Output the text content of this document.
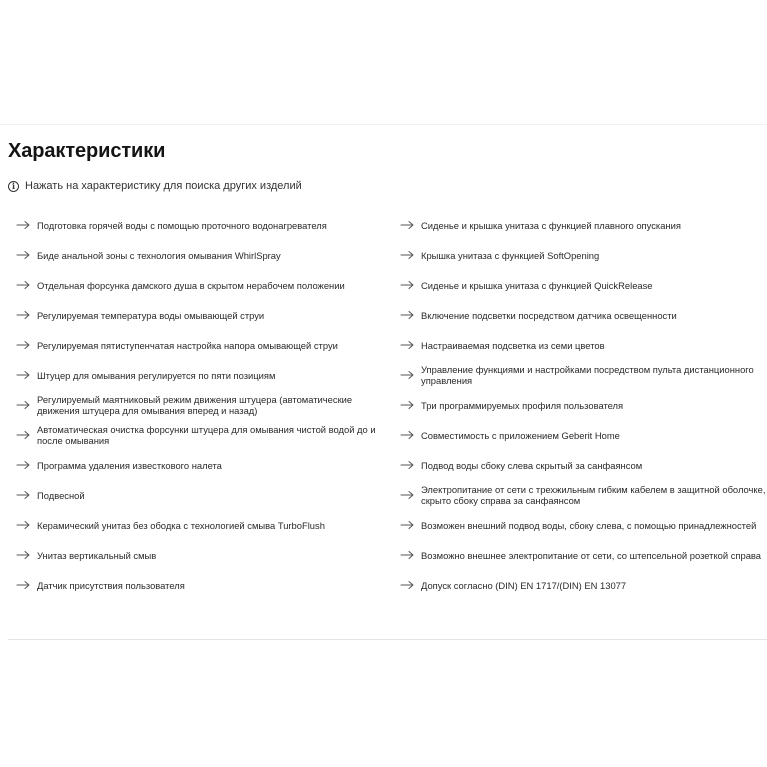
Характеристики
i Нажать на характеристику для поиска других изделий
Подготовка горячей воды с помощью проточного водонагревателя
Биде анальной зоны с технология омывания WhirlSpray
Отдельная форсунка дамского душа в скрытом нерабочем положении
Регулируемая температура воды омывающей струи
Регулируемая пятиступенчатая настройка напора омывающей струи
Штуцер для омывания регулируется по пяти позициям
Регулируемый маятниковый режим движения штуцера (автоматические движения штуцера для омывания вперед и назад)
Автоматическая очистка форсунки штуцера для омывания чистой водой до и после омывания
Программа удаления известкового налета
Подвесной
Керамический унитаз без ободка с технологией смыва TurboFlush
Унитаз вертикальный смыв
Датчик присутствия пользователя
Сиденье и крышка унитаза с функцией плавного опускания
Крышка унитаза с функцией SoftOpening
Сиденье и крышка унитаза с функцией QuickRelease
Включение подсветки посредством датчика освещенности
Настраиваемая подсветка из семи цветов
Управление функциями и настройками посредством пульта дистанционного управления
Три программируемых профиля пользователя
Совместимость с приложением Geberit Home
Подвод воды сбоку слева скрытый за санфаянсом
Электропитание от сети с трехжильным гибким кабелем в защитной оболочке, скрыто сбоку справа за санфаянсом
Возможен внешний подвод воды, сбоку слева, с помощью принадлежностей
Возможно внешнее электропитание от сети, со штепсельной розеткой справа
Допуск согласно (DIN) EN 1717/(DIN) EN 13077
